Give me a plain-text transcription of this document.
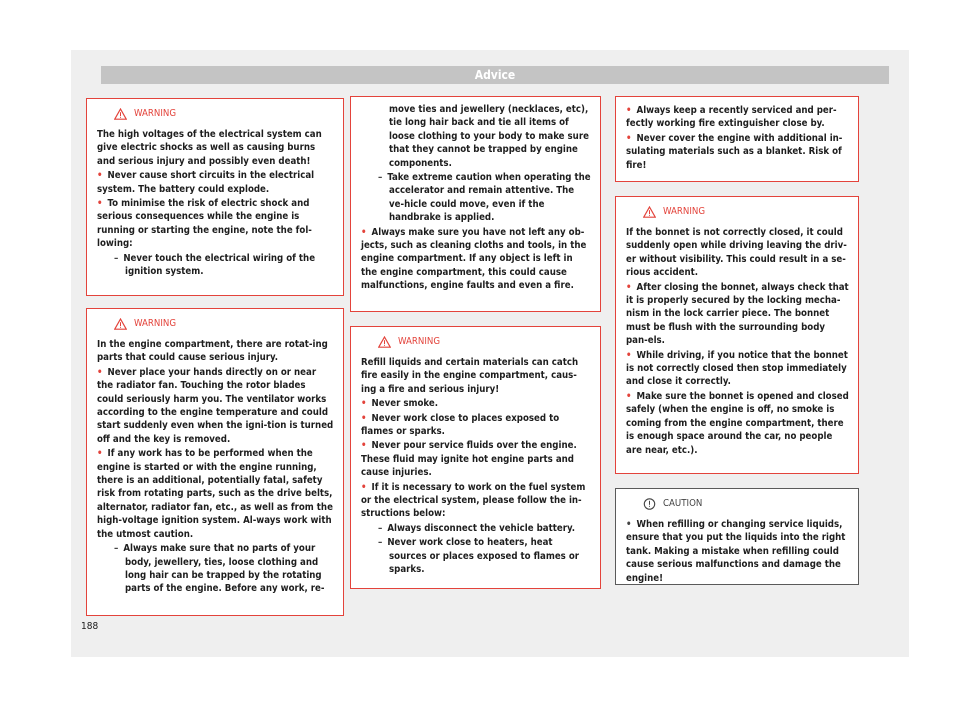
Advice
WARNING

The high voltages of the electrical system can give electric shocks as well as causing burns and serious injury and possibly even death!

• Never cause short circuits in the electrical system. The battery could explode.

• To minimise the risk of electric shock and serious consequences while the engine is running or starting the engine, note the fol-lowing:

– Never touch the electrical wiring of the ignition system.

WARNING

In the engine compartment, there are rotat-ing parts that could cause serious injury.

• Never place your hands directly on or near the radiator fan. Touching the rotor blades could seriously harm you. The ventilator works according to the engine temperature and could start suddenly even when the igni-tion is turned off and the key is removed.

• If any work has to be performed when the engine is started or with the engine running, there is an additional, potentially fatal, safety risk from rotating parts, such as the drive belts, alternator, radiator fan, etc., as well as from the high-voltage ignition system. Al-ways work with the utmost caution.

– Always make sure that no parts of your body, jewellery, ties, loose clothing and long hair can be trapped by the rotating parts of the engine. Before any work, re-

move ties and jewellery (necklaces, etc), tie long hair back and tie all items of loose clothing to your body to make sure that they cannot be trapped by engine components.

– Take extreme caution when operating the accelerator and remain attentive. The ve-hicle could move, even if the handbrake is applied.

• Always make sure you have not left any ob-jects, such as cleaning cloths and tools, in the engine compartment. If any object is left in the engine compartment, this could cause malfunctions, engine faults and even a fire.

WARNING

Refill liquids and certain materials can catch fire easily in the engine compartment, caus-ing a fire and serious injury!

• Never smoke.

• Never work close to places exposed to flames or sparks.

• Never pour service fluids over the engine. These fluid may ignite hot engine parts and cause injuries.

• If it is necessary to work on the fuel system or the electrical system, please follow the in-structions below:

– Always disconnect the vehicle battery.

– Never work close to heaters, heat sources or places exposed to flames or sparks.

• Always keep a recently serviced and per-fectly working fire extinguisher close by.

• Never cover the engine with additional in-sulating materials such as a blanket. Risk of fire!

WARNING

If the bonnet is not correctly closed, it could suddenly open while driving leaving the driv-er without visibility. This could result in a se-rious accident.

• After closing the bonnet, always check that it is properly secured by the locking mecha-nism in the lock carrier piece. The bonnet must be flush with the surrounding body pan-els.

• While driving, if you notice that the bonnet is not correctly closed then stop immediately and close it correctly.

• Make sure the bonnet is opened and closed safely (when the engine is off, no smoke is coming from the engine compartment, there is enough space around the car, no people are near, etc.).

CAUTION

• When refilling or changing service liquids, ensure that you put the liquids into the right tank. Making a mistake when refilling could cause serious malfunctions and damage the engine!

188
